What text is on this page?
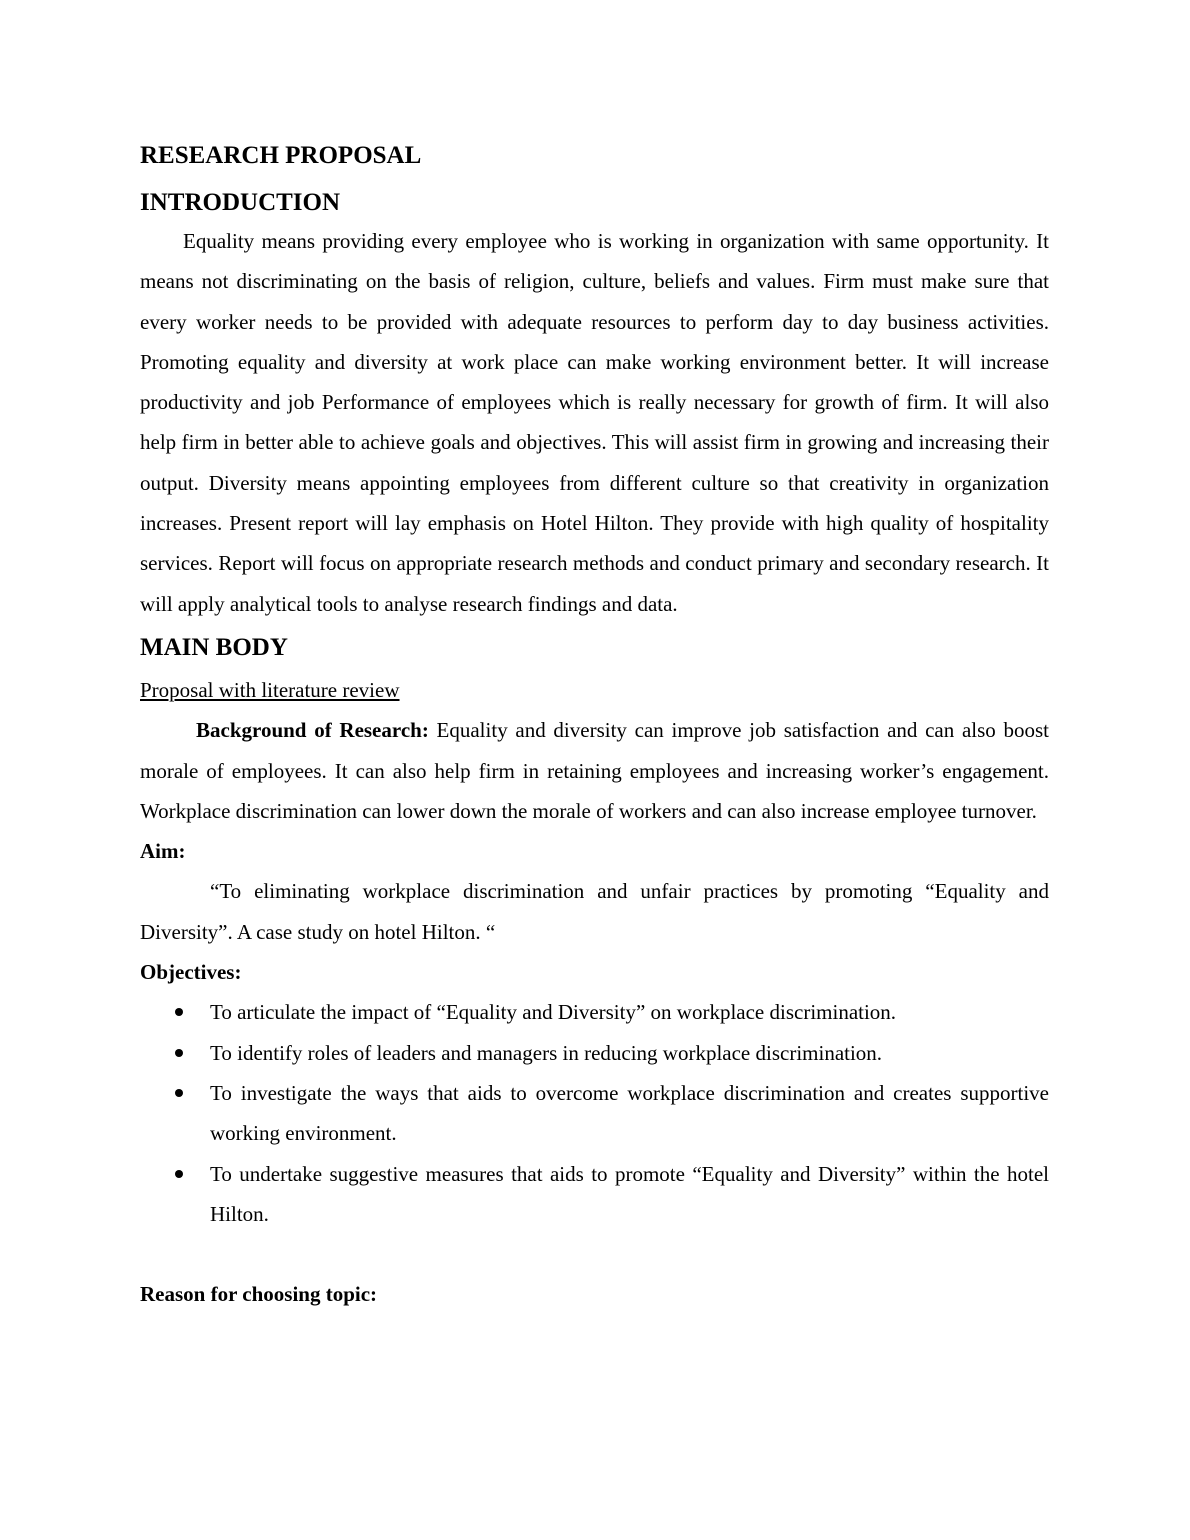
RESEARCH PROPOSAL
INTRODUCTION

Equality means providing every employee who is working in organization with same opportunity. It means not discriminating on the basis of religion, culture, beliefs and values. Firm must make sure that every worker needs to be provided with adequate resources to perform day to day business activities. Promoting equality and diversity at work place can make working environment better. It will increase productivity and job Performance of employees which is really necessary for growth of firm. It will also help firm in better able to achieve goals and objectives. This will assist firm in growing and increasing their output. Diversity means appointing employees from different culture so that creativity in organization increases. Present report will lay emphasis on Hotel Hilton. They provide with high quality of hospitality services. Report will focus on appropriate research methods and conduct primary and secondary research. It will apply analytical tools to analyse research findings and data.

MAIN BODY

Proposal with literature review

Background of Research: Equality and diversity can improve job satisfaction and can also boost morale of employees. It can also help firm in retaining employees and increasing worker’s engagement. Workplace discrimination can lower down the morale of workers and can also increase employee turnover.

Aim:

“To eliminating workplace discrimination and unfair practices by promoting “Equality and Diversity”. A case study on hotel Hilton. “

Objectives:

To articulate the impact of “Equality and Diversity” on workplace discrimination.
To identify roles of leaders and managers in reducing workplace discrimination.
To investigate the ways that aids to overcome workplace discrimination and creates supportive working environment.
To undertake suggestive measures that aids to promote “Equality and Diversity” within the hotel Hilton.

Reason for choosing topic:
